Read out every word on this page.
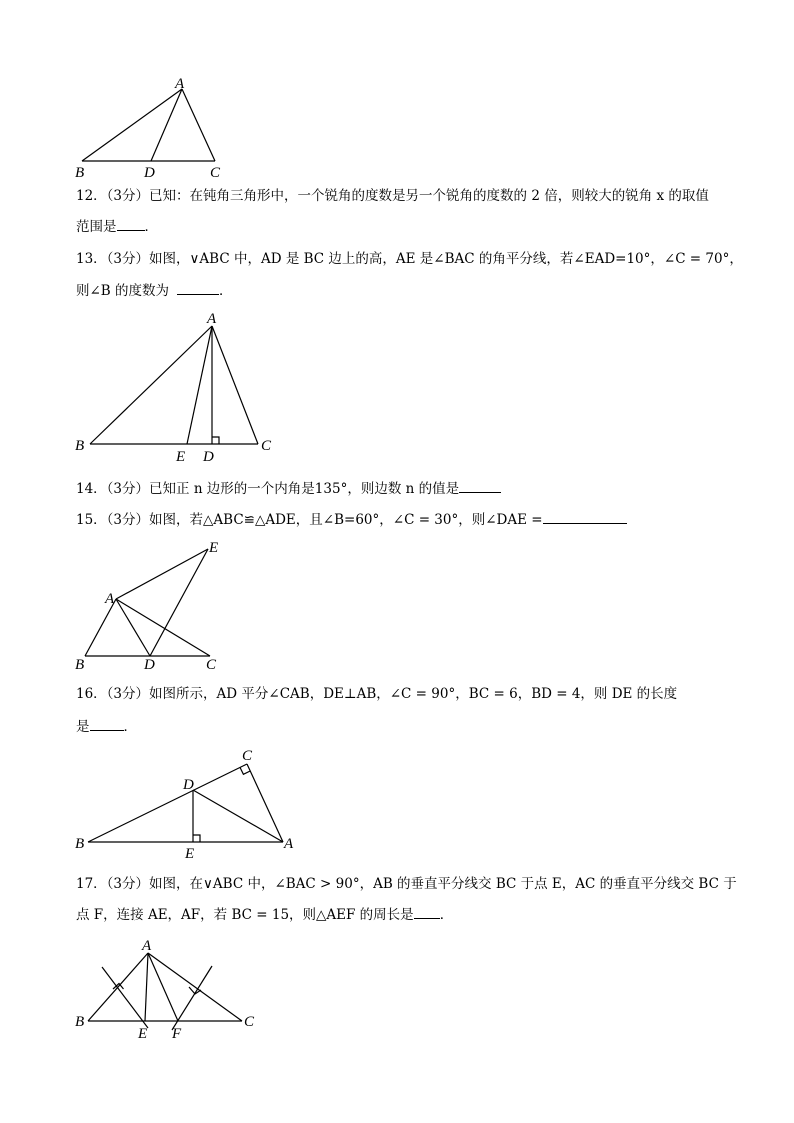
A
B	D	C
12．（3分）已知：在钝角三角形中，一个锐角的度数是另一个锐角的度数的 2 倍，则较大的锐角 x 的取值
范围是 ．
13．（3分）如图，∨ABC 中，AD 是 BC 边上的高，AE 是∠BAC 的角平分线，若∠EAD=10°，∠C = 70°，
则∠B 的度数为	．
A
B
E D
C
14．（3分）已知正 n 边形的一个内角是135°，则边数 n 的值是
15．（3分）如图，若△ABC≌△ADE，且∠B=60°，∠C = 30°，则∠DAE =
E
A
B	D	C
16．（3分）如图所示，AD 平分∠CAB，DE⊥AB，∠C = 90°，BC = 6，BD = 4，则 DE 的长度
是	．
C
D
B
E
A
17．（3分）如图，在∨ABC 中，∠BAC > 90°，AB 的垂直平分线交 BC 于点 E，AC 的垂直平分线交 BC 于
点 F，连接 AE，AF，若 BC = 15，则△AEF 的周长是 ．
A
B
E F
C
